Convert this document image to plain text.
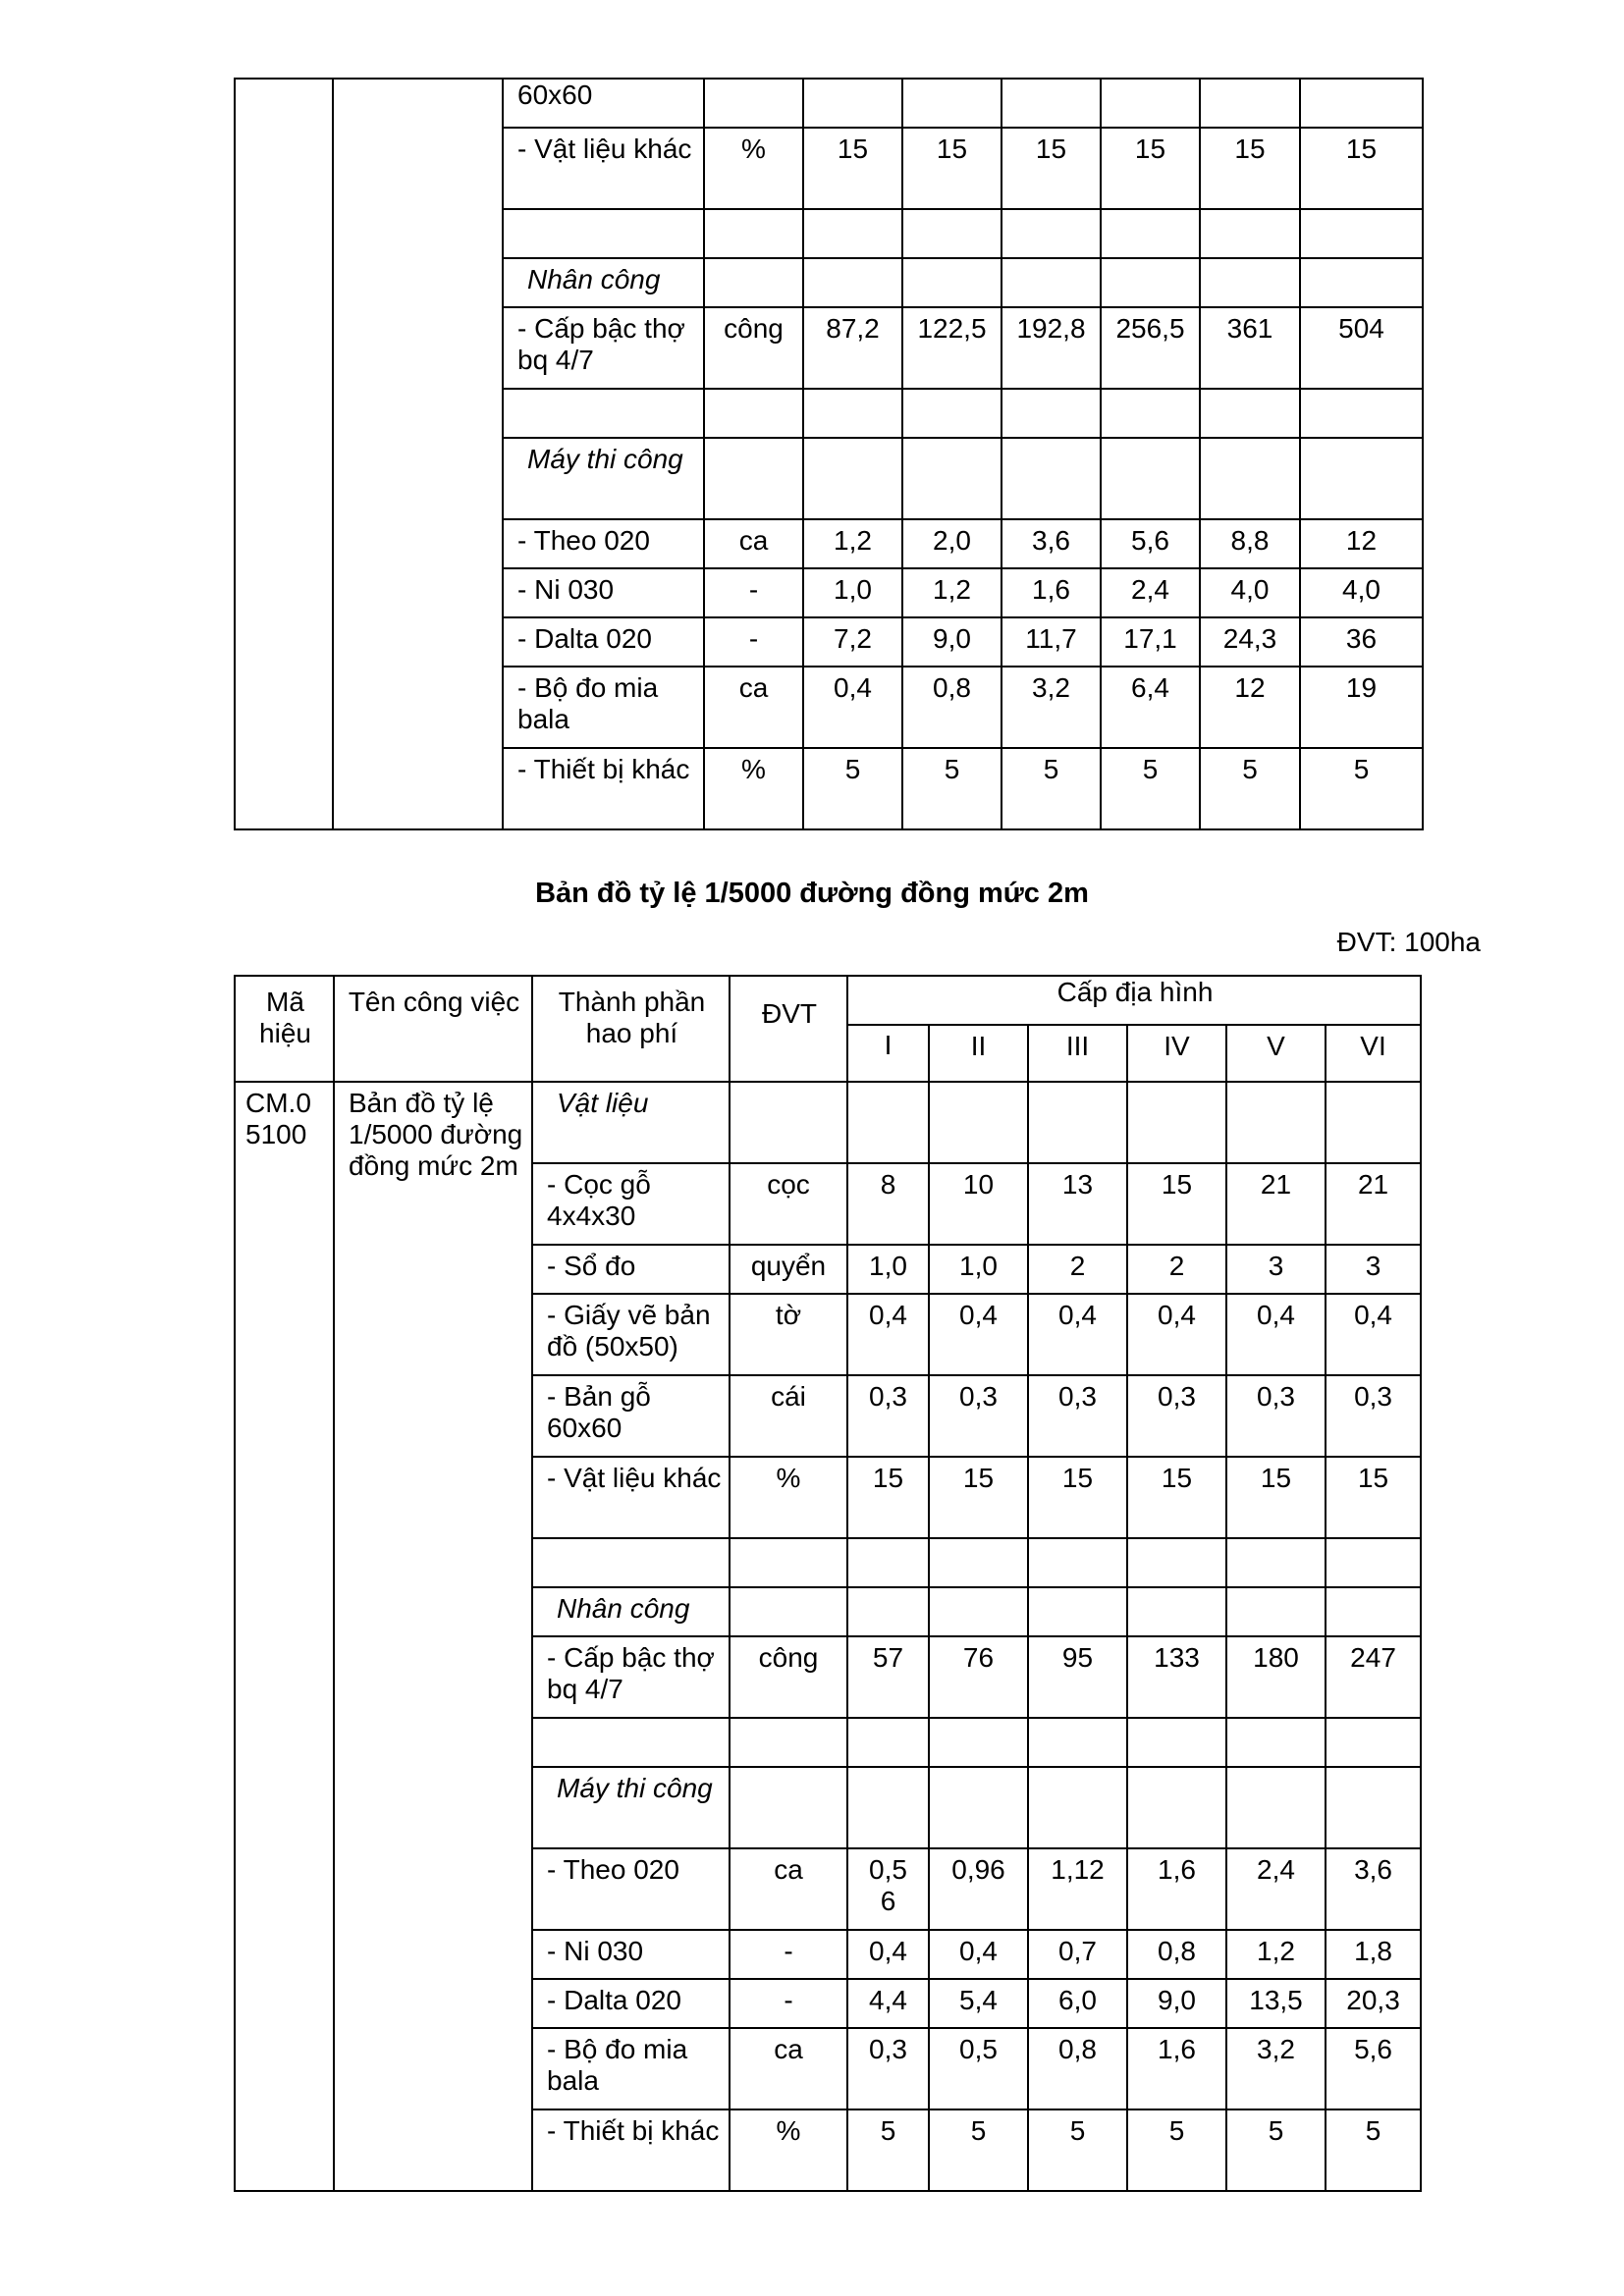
		60x60							
		- Vật liệu khác	%	15	15	15	15	15	15

		Nhân công							
		- Cấp bậc thợ bq 4/7	công	87,2	122,5	192,8	256,5	361	504

		Máy thi công							
		- Theo 020	ca	1,2	2,0	3,6	5,6	8,8	12
		- Ni 030	-	1,0	1,2	1,6	2,4	4,0	4,0
		- Dalta 020	-	7,2	9,0	11,7	17,1	24,3	36
		- Bộ đo mia bala	ca	0,4	0,8	3,2	6,4	12	19
		- Thiết bị khác	%	5	5	5	5	5	5
Bản đồ tỷ lệ 1/5000 đường đồng mức 2m
ĐVT: 100ha
Mã hiệu	Tên công việc	Thành phần hao phí	ĐVT	Cấp địa hình					
				I	II	III	IV	V	VI
CM.05100	Bản đồ tỷ lệ 1/5000 đường đồng mức 2m	Vật liệu							
		- Cọc gỗ 4x4x30	cọc	8	10	13	15	21	21
		- Sổ đo	quyển	1,0	1,0	2	2	3	3
		- Giấy vẽ bản đồ (50x50)	tờ	0,4	0,4	0,4	0,4	0,4	0,4
		- Bản gỗ 60x60	cái	0,3	0,3	0,3	0,3	0,3	0,3
		- Vật liệu khác	%	15	15	15	15	15	15

		Nhân công							
		- Cấp bậc thợ bq 4/7	công	57	76	95	133	180	247

		Máy thi công							
		- Theo 020	ca	0,56	0,96	1,12	1,6	2,4	3,6
		- Ni 030	-	0,4	0,4	0,7	0,8	1,2	1,8
		- Dalta 020	-	4,4	5,4	6,0	9,0	13,5	20,3
		- Bộ đo mia bala	ca	0,3	0,5	0,8	1,6	3,2	5,6
		- Thiết bị khác	%	5	5	5	5	5	5
